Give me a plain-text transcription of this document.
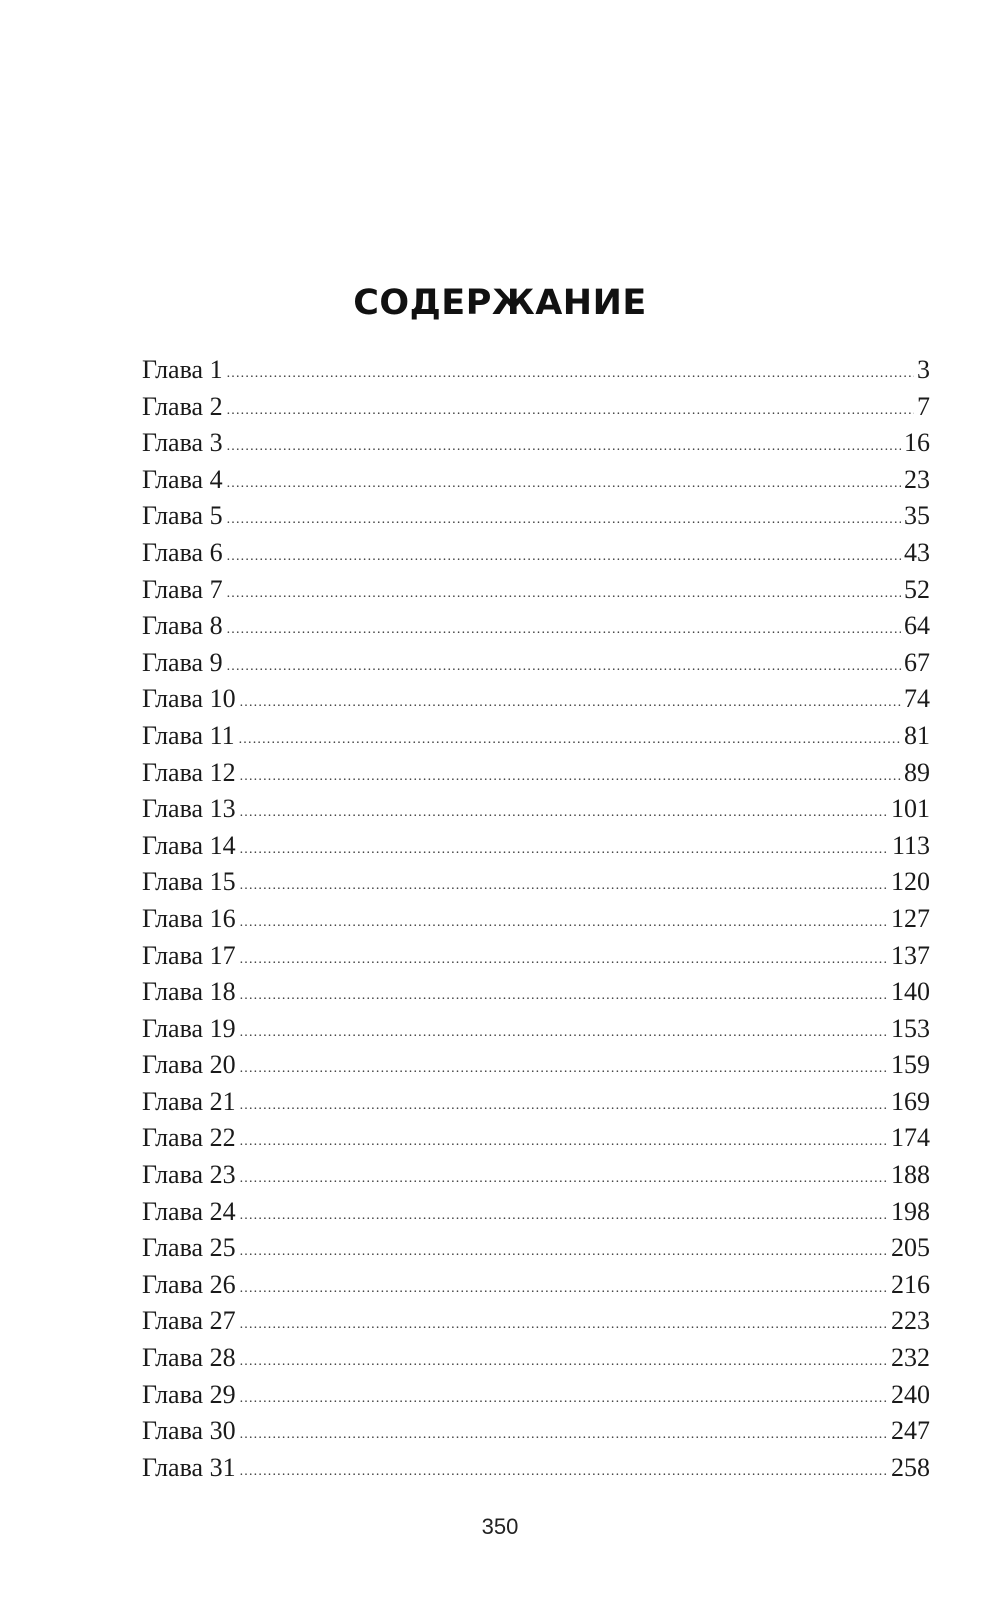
СОДЕРЖАНИЕ
Глава 1 .....	3
Глава 2 .....	7
Глава 3 .....	16
Глава 4 .....	23
Глава 5 .....	35
Глава 6 .....	43
Глава 7 .....	52
Глава 8 .....	64
Глава 9 .....	67
Глава 10 .....	74
Глава 11 .....	81
Глава 12 .....	89
Глава 13 .....	101
Глава 14 .....	113
Глава 15 .....	120
Глава 16 .....	127
Глава 17 .....	137
Глава 18 .....	140
Глава 19 .....	153
Глава 20 .....	159
Глава 21 .....	169
Глава 22 .....	174
Глава 23 .....	188
Глава 24 .....	198
Глава 25 .....	205
Глава 26 .....	216
Глава 27 .....	223
Глава 28 .....	232
Глава 29 .....	240
Глава 30 .....	247
Глава 31 .....	258
350
